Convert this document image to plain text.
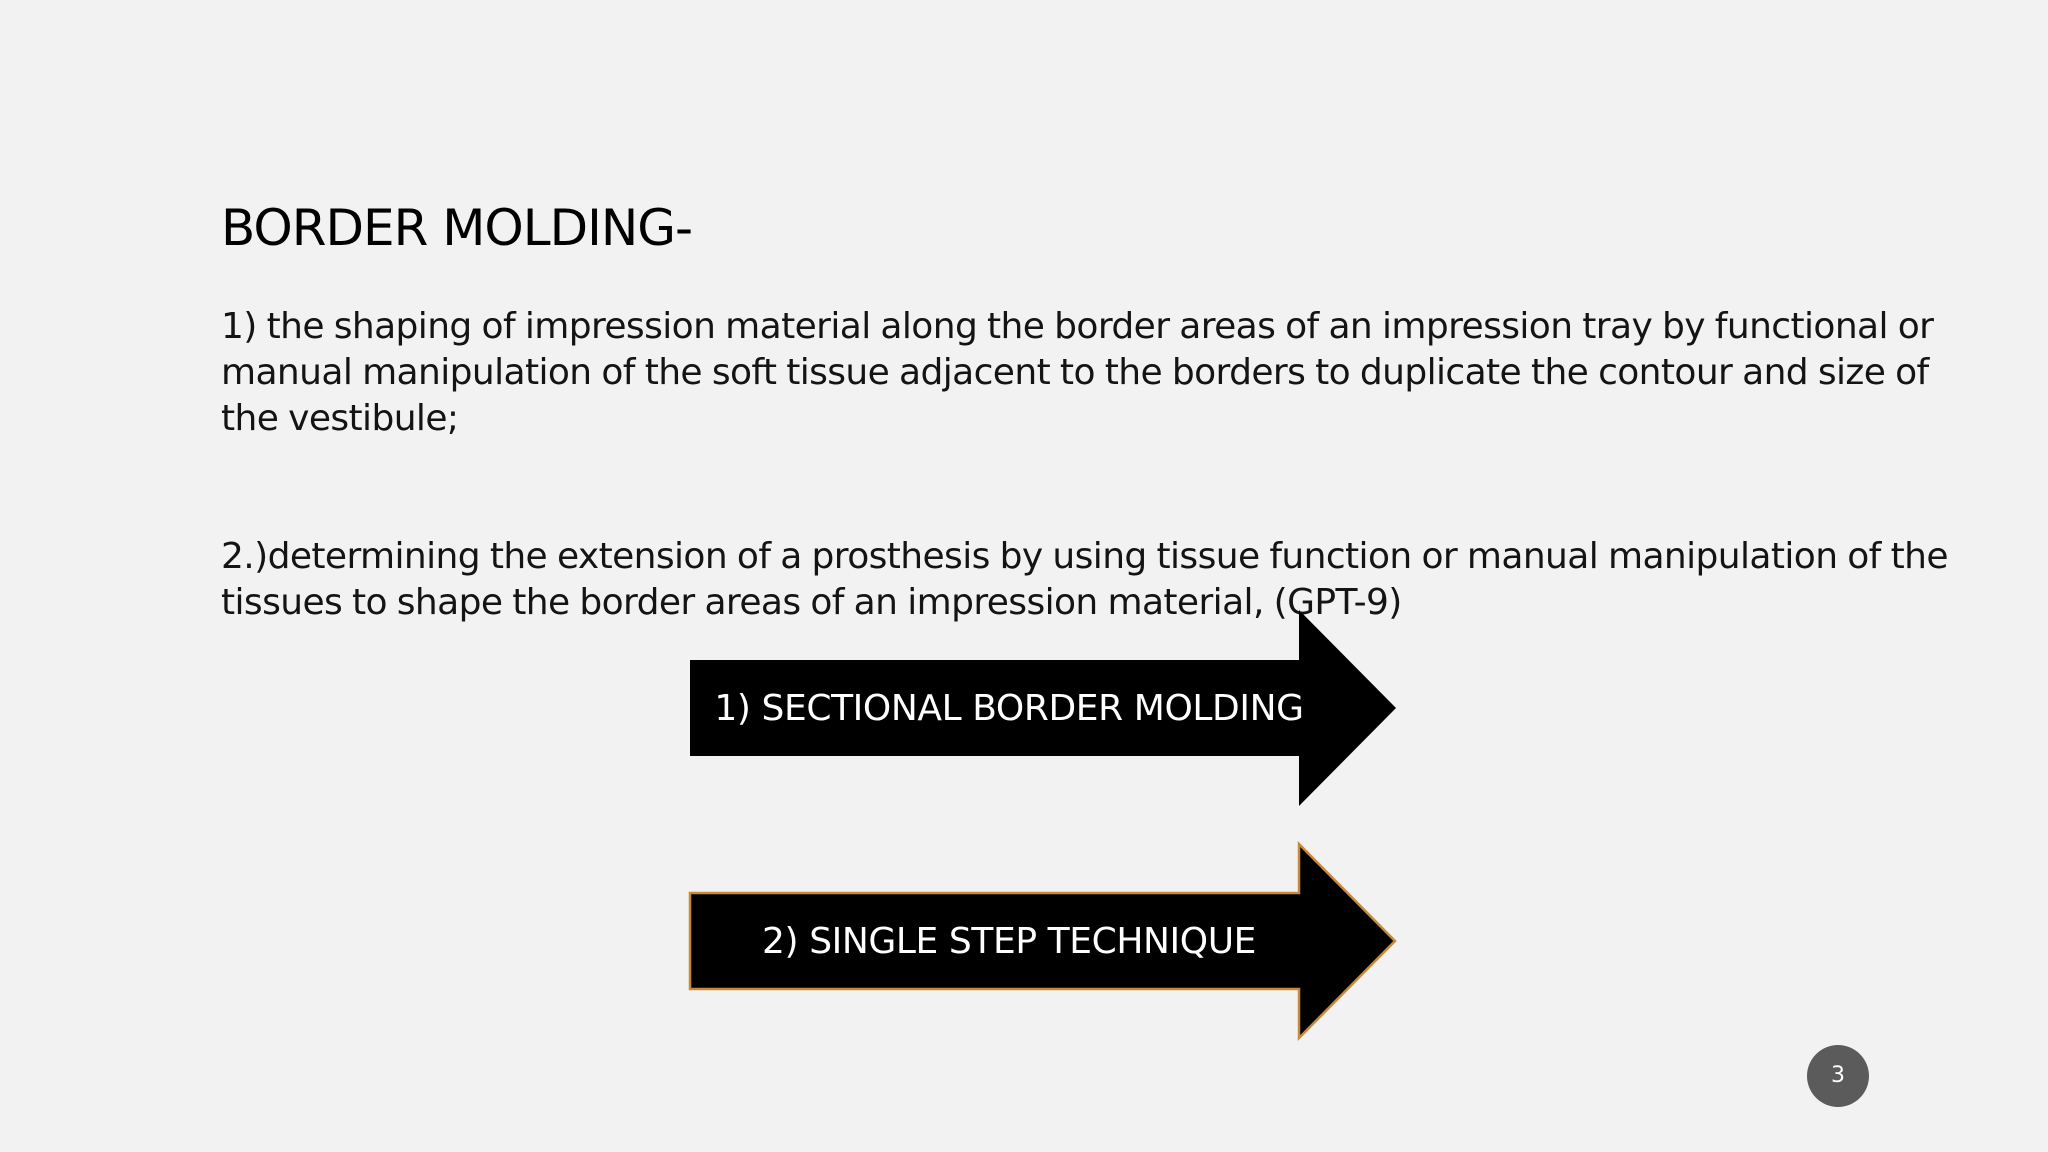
BORDER MOLDING-

1) the shaping of impression material along the border areas of an impression tray by functional or manual manipulation of the soft tissue adjacent to the borders to duplicate the contour and size of the vestibule;

2.)determining the extension of a prosthesis by using tissue function or manual manipulation of the tissues to shape the border areas of an impression material, (GPT-9)

1) SECTIONAL BORDER MOLDING
2) SINGLE STEP TECHNIQUE
3
